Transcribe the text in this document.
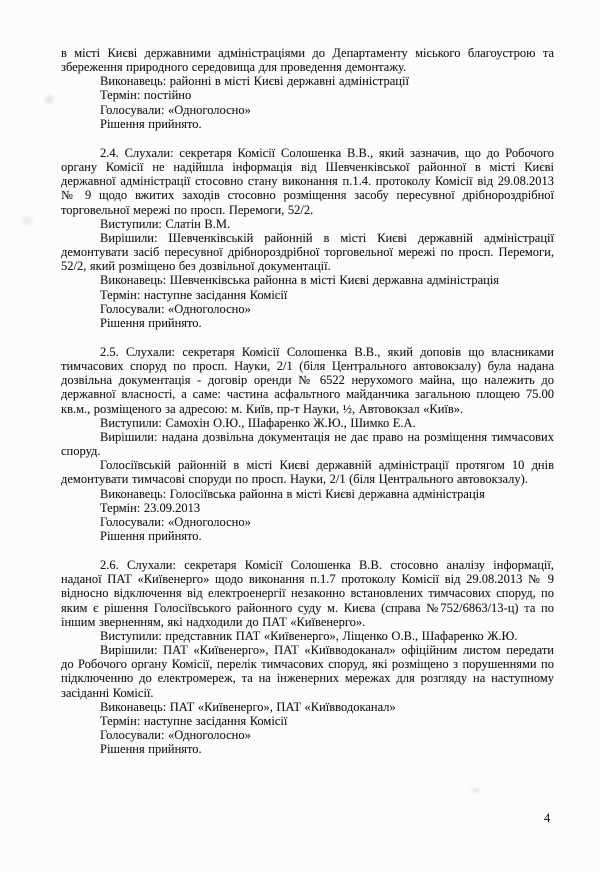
в місті Києві державними адміністраціями до Департаменту міського благоустрою та збереження природного середовища для проведення демонтажу.

Виконавець: районні в місті Києві державні адміністрації

Термін: постійно

Голосували: «Одноголосно»

Рішення прийнято.

2.4. Слухали: секретаря Комісії Солошенка В.В., який зазначив, що до Робочого органу Комісії не надійшла інформація від Шевченківської районної в місті Києві державної адміністрації стосовно стану виконання п.1.4. протоколу Комісії від 29.08.2013 № 9 щодо вжитих заходів стосовно розміщення засобу пересувної дрібнороздрібної торговельної мережі по просп. Перемоги, 52/2.

Виступили: Слатін В.М.

Вирішили: Шевченківській районній в місті Києві державній адміністрації демонтувати засіб пересувної дрібнороздрібної торговельної мережі по просп. Перемоги, 52/2, який розміщено без дозвільної документації.

Виконавець: Шевченківська районна в місті Києві державна адміністрація

Термін: наступне засідання Комісії

Голосували: «Одноголосно»

Рішення прийнято.

2.5. Слухали: секретаря Комісії Солошенка В.В., який доповів що власниками тимчасових споруд по просп. Науки, 2/1 (біля Центрального автовокзалу) була надана дозвільна документація - договір оренди № 6522 нерухомого майна, що належить до державної власності, а саме: частина асфальтного майданчика загальною площею 75.00 кв.м., розміщеного за адресою: м. Київ, пр-т Науки, ½, Автовокзал «Київ».

Виступили: Самохін О.Ю., Шафаренко Ж.Ю., Шимко Е.А.

Вирішили: надана дозвільна документація не дає право на розміщення тимчасових споруд.

Голосіївській районній в місті Києві державній адміністрації протягом 10 днів демонтувати тимчасові споруди по просп. Науки, 2/1 (біля Центрального автовокзалу).

Виконавець: Голосіївська районна в місті Києві державна адміністрація

Термін: 23.09.2013

Голосували: «Одноголосно»

Рішення прийнято.

2.6. Слухали: секретаря Комісії Солошенка В.В. стосовно аналізу інформації, наданої ПАТ «Київенерго» щодо виконання п.1.7 протоколу Комісії від 29.08.2013 № 9 відносно відключення від електроенергії незаконно встановлених тимчасових споруд, по яким є рішення Голосіївського районного суду м. Києва (справа №752/6863/13-ц) та по іншим зверненням, які надходили до ПАТ «Київенерго».

Виступили: представник ПАТ «Київенерго», Ліщенко О.В., Шафаренко Ж.Ю.

Вирішили: ПАТ «Київенерго», ПАТ «Київводоканал» офіційним листом передати до Робочого органу Комісії, перелік тимчасових споруд, які розміщено з порушеннями по підключенню до електромереж, та на інженерних мережах для розгляду на наступному засіданні Комісії.

Виконавець: ПАТ «Київенерго», ПАТ «Київводоканал»

Термін: наступне засідання Комісії

Голосували: «Одноголосно»

Рішення прийнято.

4
